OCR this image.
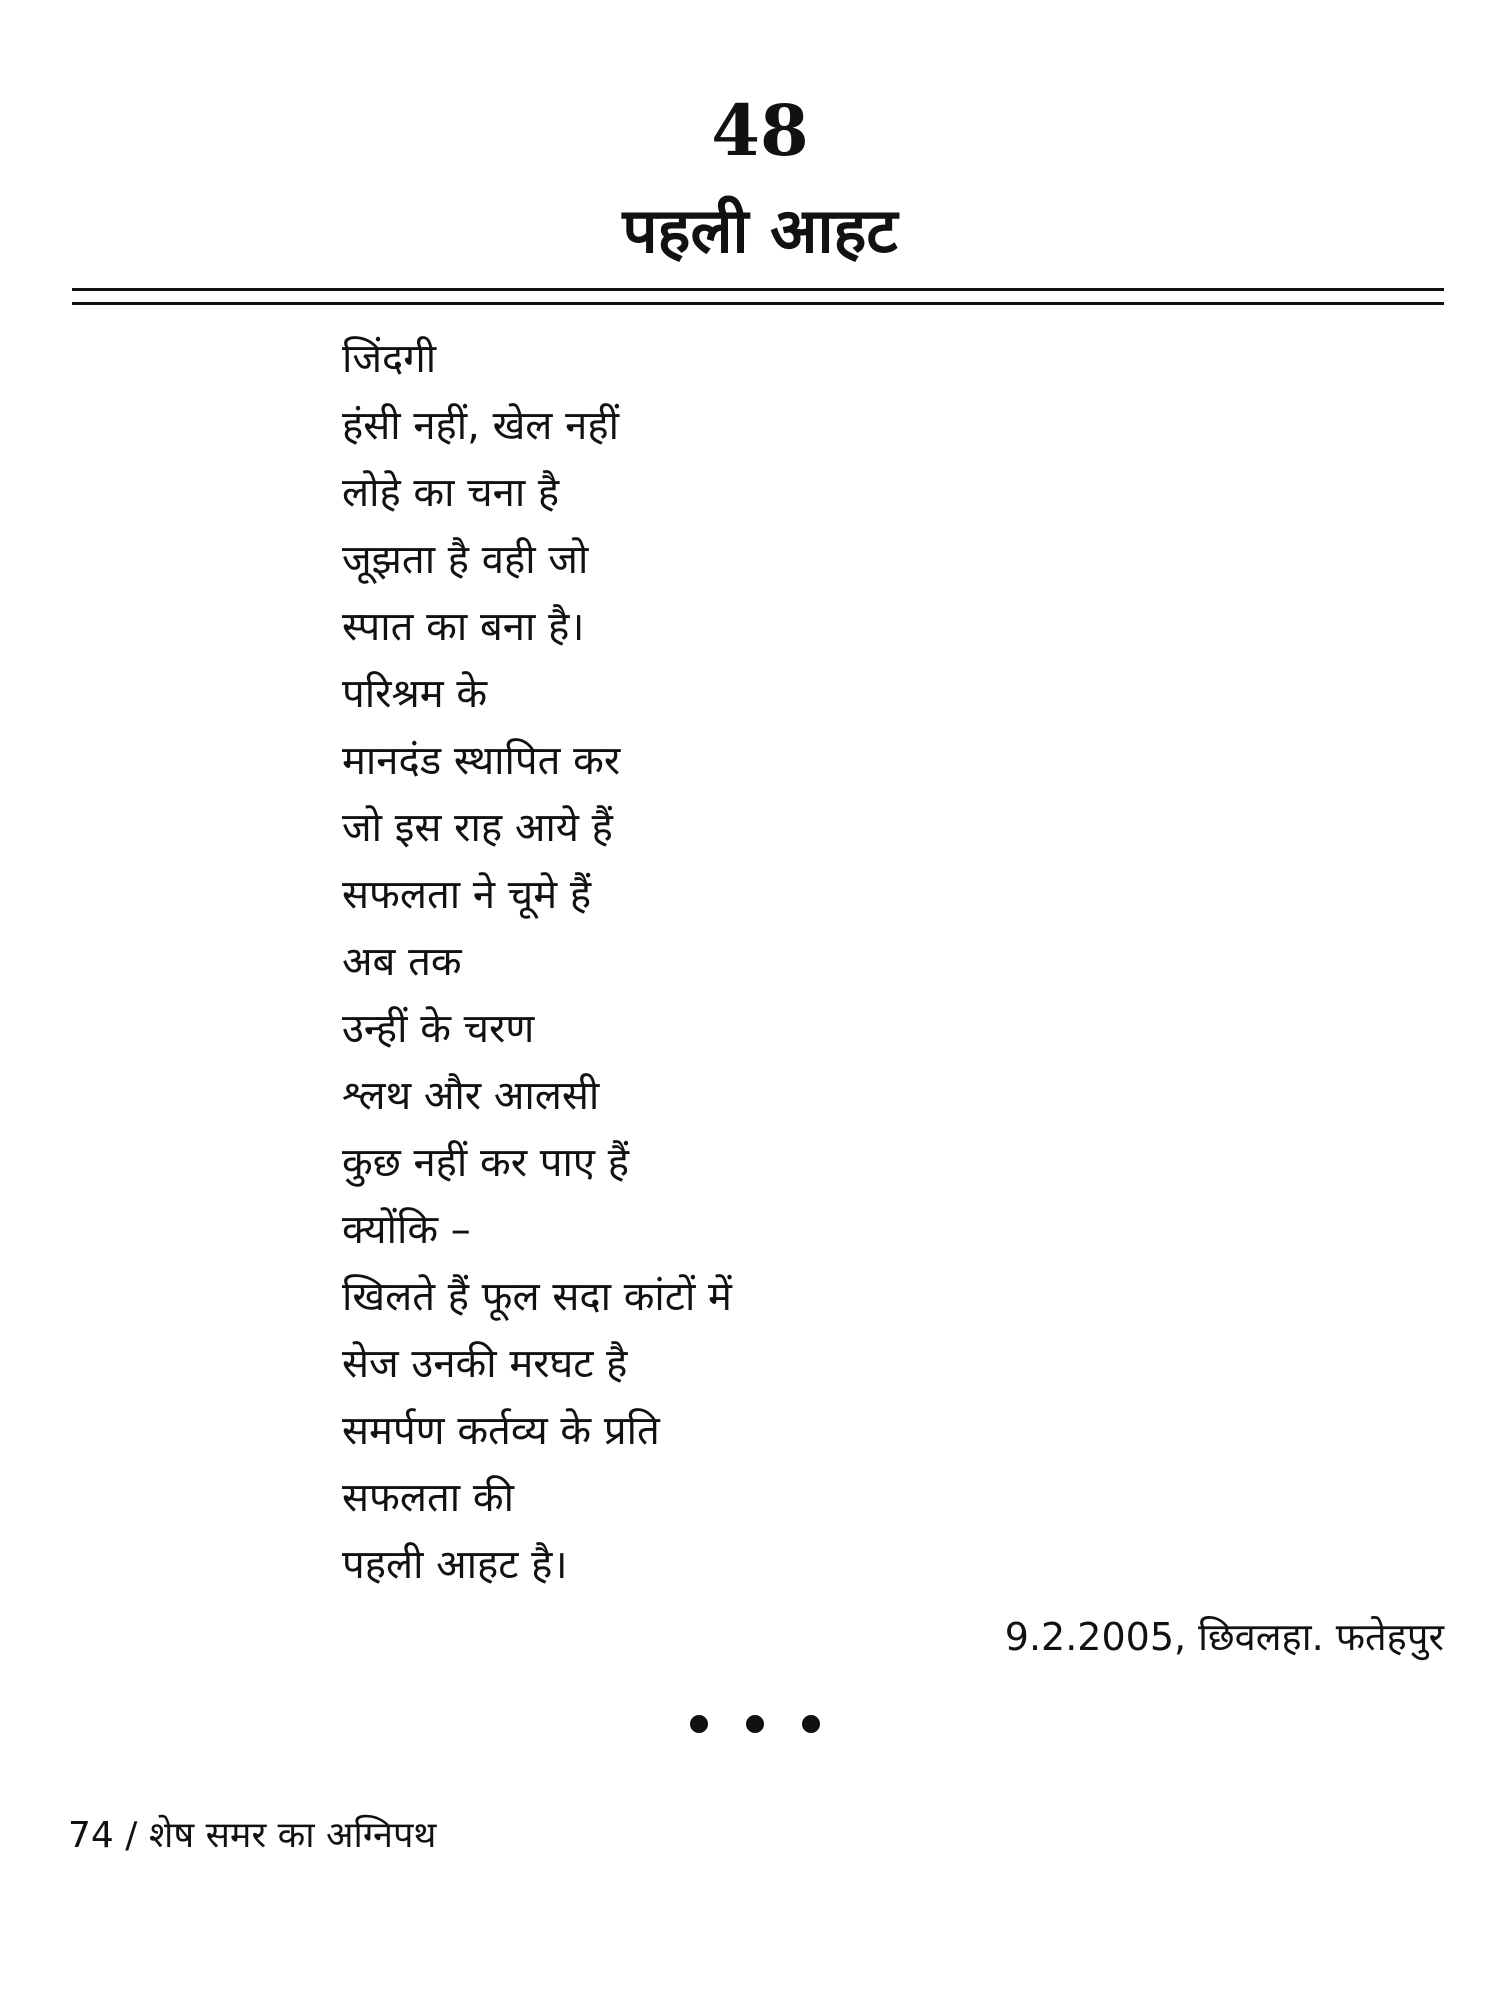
48
पहली आहट
जिंदगी
हंसी नहीं, खेल नहीं
लोहे का चना है
जूझता है वही जो
स्पात का बना है।
परिश्रम के
मानदंड स्थापित कर
जो इस राह आये हैं
सफलता ने चूमे हैं
अब तक
उन्हीं के चरण
श्लथ और आलसी
कुछ नहीं कर पाए हैं
क्योंकि –
खिलते हैं फूल सदा कांटों में
सेज उनकी मरघट है
समर्पण कर्तव्य के प्रति
सफलता की
पहली आहट है।
9.2.2005, छिवलहा. फतेहपुर
74 / शेष समर का अग्निपथ
